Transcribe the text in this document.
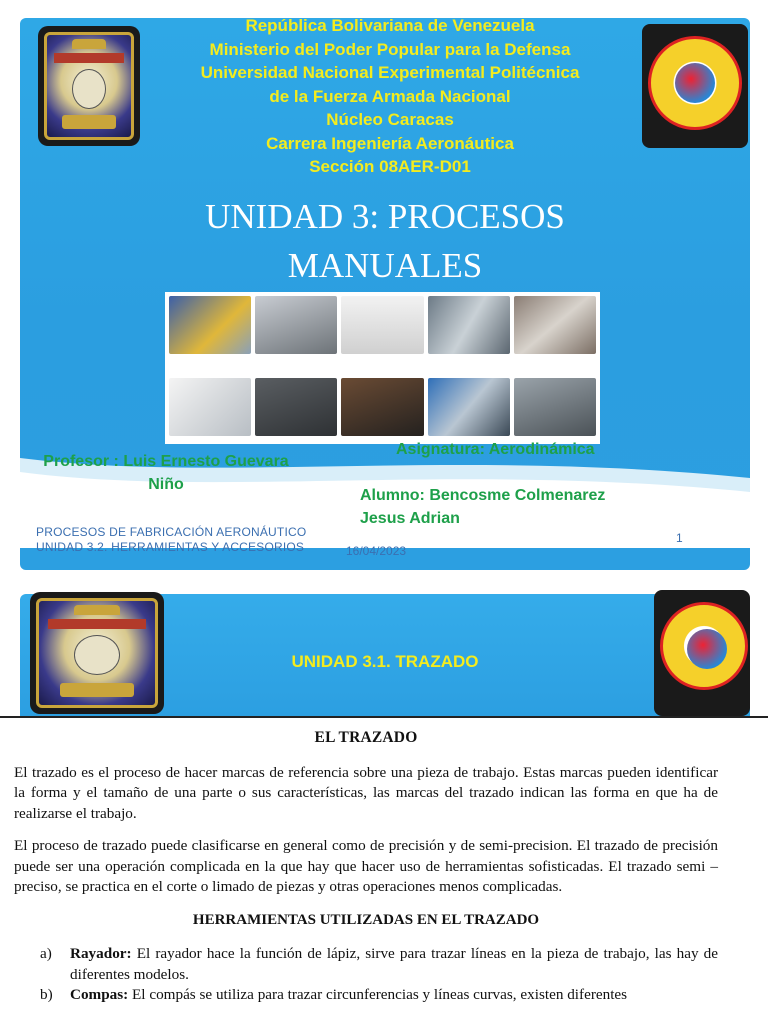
República Bolivariana de Venezuela
Ministerio del Poder Popular para la Defensa
Universidad Nacional Experimental Politécnica
de la Fuerza Armada Nacional
Núcleo Caracas
Carrera Ingeniería Aeronáutica
Sección 08AER-D01
UNIDAD 3: PROCESOS
MANUALES
Profesor : Luis Ernesto Guevara
Niño
Asignatura: Aerodinámica
Alumno: Bencosme Colmenarez
Jesus Adrian
PROCESOS DE FABRICACIÓN AERONÁUTICO
UNIDAD 3.2. HERRAMIENTAS Y ACCESORIOS	16/04/2023
1
UNIDAD 3.1. TRAZADO
EL TRAZADO

El trazado es el proceso de hacer marcas de referencia sobre una pieza de trabajo. Estas marcas pueden identificar la forma y el tamaño de una parte o sus características, las marcas del trazado indican las forma en que ha de realizarse el trabajo.

El proceso de trazado puede clasificarse en general como de precisión y de semi-precision. El trazado de precisión puede ser una operación complicada en la que hay que hacer uso de herramientas sofisticadas. El trazado semi – preciso, se practica en el corte o limado de piezas y otras operaciones menos complicadas.

HERRAMIENTAS UTILIZADAS EN EL TRAZADO
a)	Rayador: El rayador hace la función de lápiz, sirve para trazar líneas en la pieza de trabajo, las hay de diferentes modelos.
b)	Compas: El compás se utiliza para trazar circunferencias y líneas curvas, existen diferentes
